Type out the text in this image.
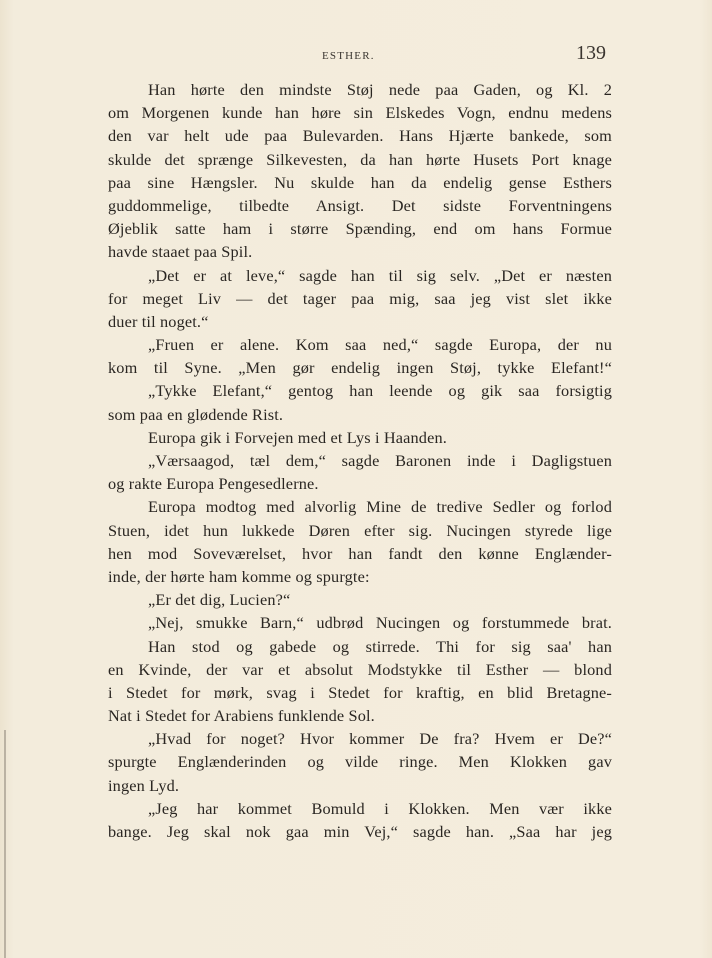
ESTHER.	139
Han hørte den mindste Støj nede paa Gaden, og Kl. 2
om Morgenen kunde han høre sin Elskedes Vogn, endnu medens
den var helt ude paa Bulevarden. Hans Hjærte bankede, som
skulde det sprænge Silkevesten, da han hørte Husets Port knage
paa sine Hængsler. Nu skulde han da endelig gense Esthers
guddommelige, tilbedte Ansigt. Det sidste Forventningens
Øjeblik satte ham i større Spænding, end om hans Formue
havde staaet paa Spil.
„Det er at leve,“ sagde han til sig selv. „Det er næsten
for meget Liv — det tager paa mig, saa jeg vist slet ikke
duer til noget.“
„Fruen er alene. Kom saa ned,“ sagde Europa, der nu
kom til Syne. „Men gør endelig ingen Støj, tykke Elefant!“
„Tykke Elefant,“ gentog han leende og gik saa forsigtig
som paa en glødende Rist.
Europa gik i Forvejen med et Lys i Haanden.
„Værsaagod, tæl dem,“ sagde Baronen inde i Dagligstuen
og rakte Europa Pengesedlerne.
Europa modtog med alvorlig Mine de tredive Sedler og forlod
Stuen, idet hun lukkede Døren efter sig. Nucingen styrede lige
hen mod Soveværelset, hvor han fandt den kønne Englænder-
inde, der hørte ham komme og spurgte:
„Er det dig, Lucien?“
„Nej, smukke Barn,“ udbrød Nucingen og forstummede brat.
Han stod og gabede og stirrede. Thi for sig saa' han
en Kvinde, der var et absolut Modstykke til Esther — blond
i Stedet for mørk, svag i Stedet for kraftig, en blid Bretagne-
Nat i Stedet for Arabiens funklende Sol.
„Hvad for noget? Hvor kommer De fra? Hvem er De?“
spurgte Englænderinden og vilde ringe. Men Klokken gav
ingen Lyd.
„Jeg har kommet Bomuld i Klokken. Men vær ikke
bange. Jeg skal nok gaa min Vej,“ sagde han. „Saa har jeg
